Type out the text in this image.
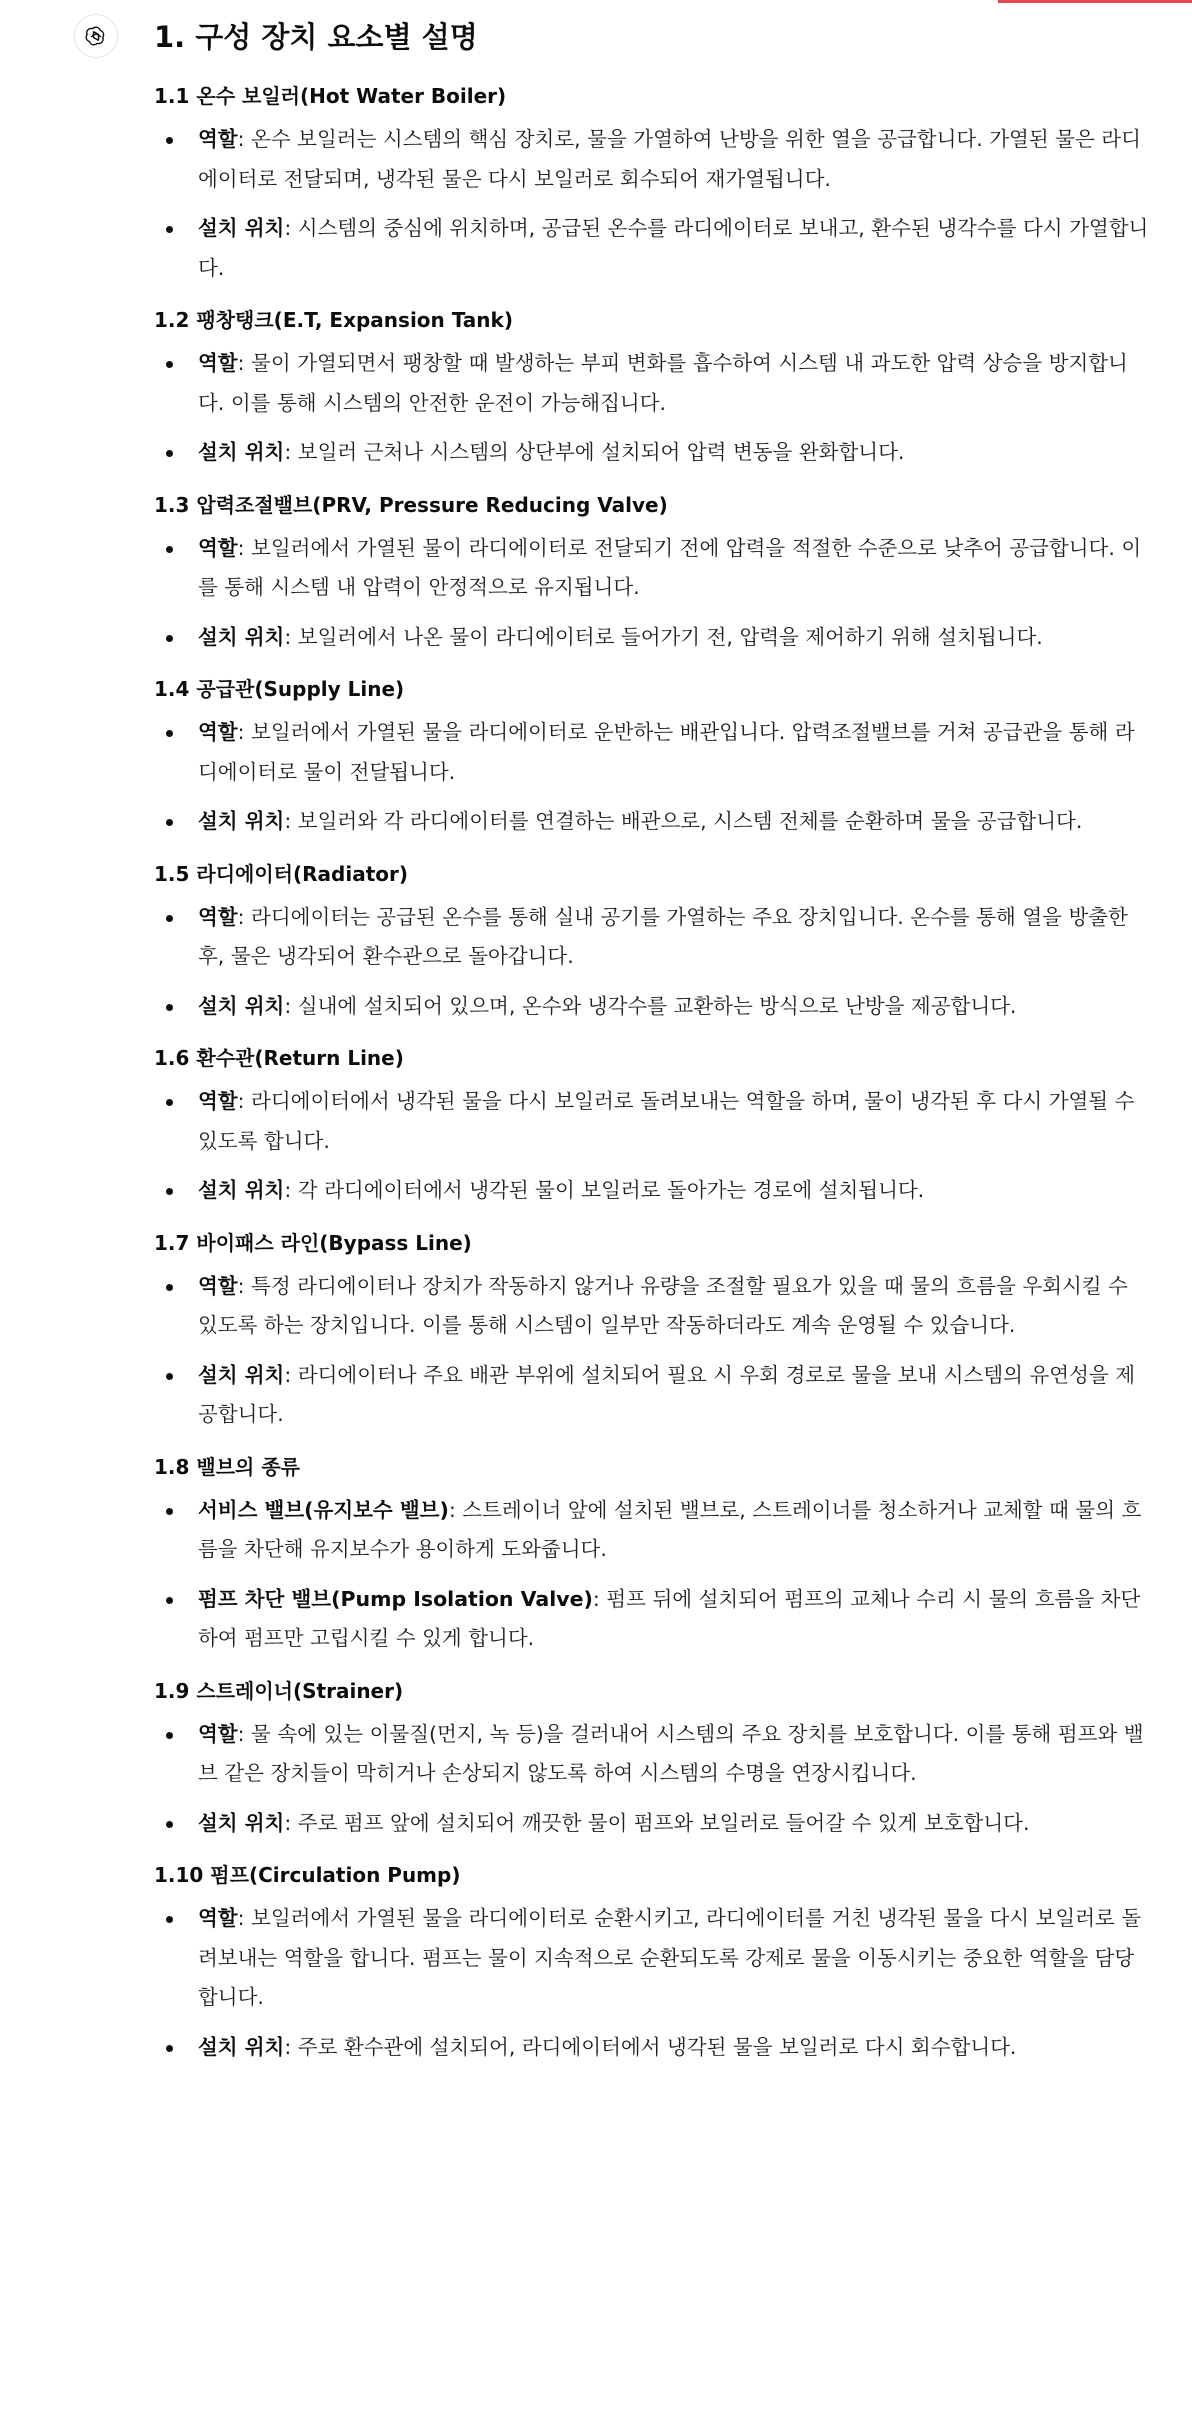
1. 구성 장치 요소별 설명
1.1 온수 보일러(Hot Water Boiler)
역할: 온수 보일러는 시스템의 핵심 장치로, 물을 가열하여 난방을 위한 열을 공급합니다. 가열된 물은 라디에이터로 전달되며, 냉각된 물은 다시 보일러로 회수되어 재가열됩니다.
설치 위치: 시스템의 중심에 위치하며, 공급된 온수를 라디에이터로 보내고, 환수된 냉각수를 다시 가열합니다.
1.2 팽창탱크(E.T, Expansion Tank)
역할: 물이 가열되면서 팽창할 때 발생하는 부피 변화를 흡수하여 시스템 내 과도한 압력 상승을 방지합니다. 이를 통해 시스템의 안전한 운전이 가능해집니다.
설치 위치: 보일러 근처나 시스템의 상단부에 설치되어 압력 변동을 완화합니다.
1.3 압력조절밸브(PRV, Pressure Reducing Valve)
역할: 보일러에서 가열된 물이 라디에이터로 전달되기 전에 압력을 적절한 수준으로 낮추어 공급합니다. 이를 통해 시스템 내 압력이 안정적으로 유지됩니다.
설치 위치: 보일러에서 나온 물이 라디에이터로 들어가기 전, 압력을 제어하기 위해 설치됩니다.
1.4 공급관(Supply Line)
역할: 보일러에서 가열된 물을 라디에이터로 운반하는 배관입니다. 압력조절밸브를 거쳐 공급관을 통해 라디에이터로 물이 전달됩니다.
설치 위치: 보일러와 각 라디에이터를 연결하는 배관으로, 시스템 전체를 순환하며 물을 공급합니다.
1.5 라디에이터(Radiator)
역할: 라디에이터는 공급된 온수를 통해 실내 공기를 가열하는 주요 장치입니다. 온수를 통해 열을 방출한 후, 물은 냉각되어 환수관으로 돌아갑니다.
설치 위치: 실내에 설치되어 있으며, 온수와 냉각수를 교환하는 방식으로 난방을 제공합니다.
1.6 환수관(Return Line)
역할: 라디에이터에서 냉각된 물을 다시 보일러로 돌려보내는 역할을 하며, 물이 냉각된 후 다시 가열될 수 있도록 합니다.
설치 위치: 각 라디에이터에서 냉각된 물이 보일러로 돌아가는 경로에 설치됩니다.
1.7 바이패스 라인(Bypass Line)
역할: 특정 라디에이터나 장치가 작동하지 않거나 유량을 조절할 필요가 있을 때 물의 흐름을 우회시킬 수 있도록 하는 장치입니다. 이를 통해 시스템이 일부만 작동하더라도 계속 운영될 수 있습니다.
설치 위치: 라디에이터나 주요 배관 부위에 설치되어 필요 시 우회 경로로 물을 보내 시스템의 유연성을 제공합니다.
1.8 밸브의 종류
서비스 밸브(유지보수 밸브): 스트레이너 앞에 설치된 밸브로, 스트레이너를 청소하거나 교체할 때 물의 흐름을 차단해 유지보수가 용이하게 도와줍니다.
펌프 차단 밸브(Pump Isolation Valve): 펌프 뒤에 설치되어 펌프의 교체나 수리 시 물의 흐름을 차단하여 펌프만 고립시킬 수 있게 합니다.
1.9 스트레이너(Strainer)
역할: 물 속에 있는 이물질(먼지, 녹 등)을 걸러내어 시스템의 주요 장치를 보호합니다. 이를 통해 펌프와 밸브 같은 장치들이 막히거나 손상되지 않도록 하여 시스템의 수명을 연장시킵니다.
설치 위치: 주로 펌프 앞에 설치되어 깨끗한 물이 펌프와 보일러로 들어갈 수 있게 보호합니다.
1.10 펌프(Circulation Pump)
역할: 보일러에서 가열된 물을 라디에이터로 순환시키고, 라디에이터를 거친 냉각된 물을 다시 보일러로 돌려보내는 역할을 합니다. 펌프는 물이 지속적으로 순환되도록 강제로 물을 이동시키는 중요한 역할을 담당합니다.
설치 위치: 주로 환수관에 설치되어, 라디에이터에서 냉각된 물을 보일러로 다시 회수합니다.
